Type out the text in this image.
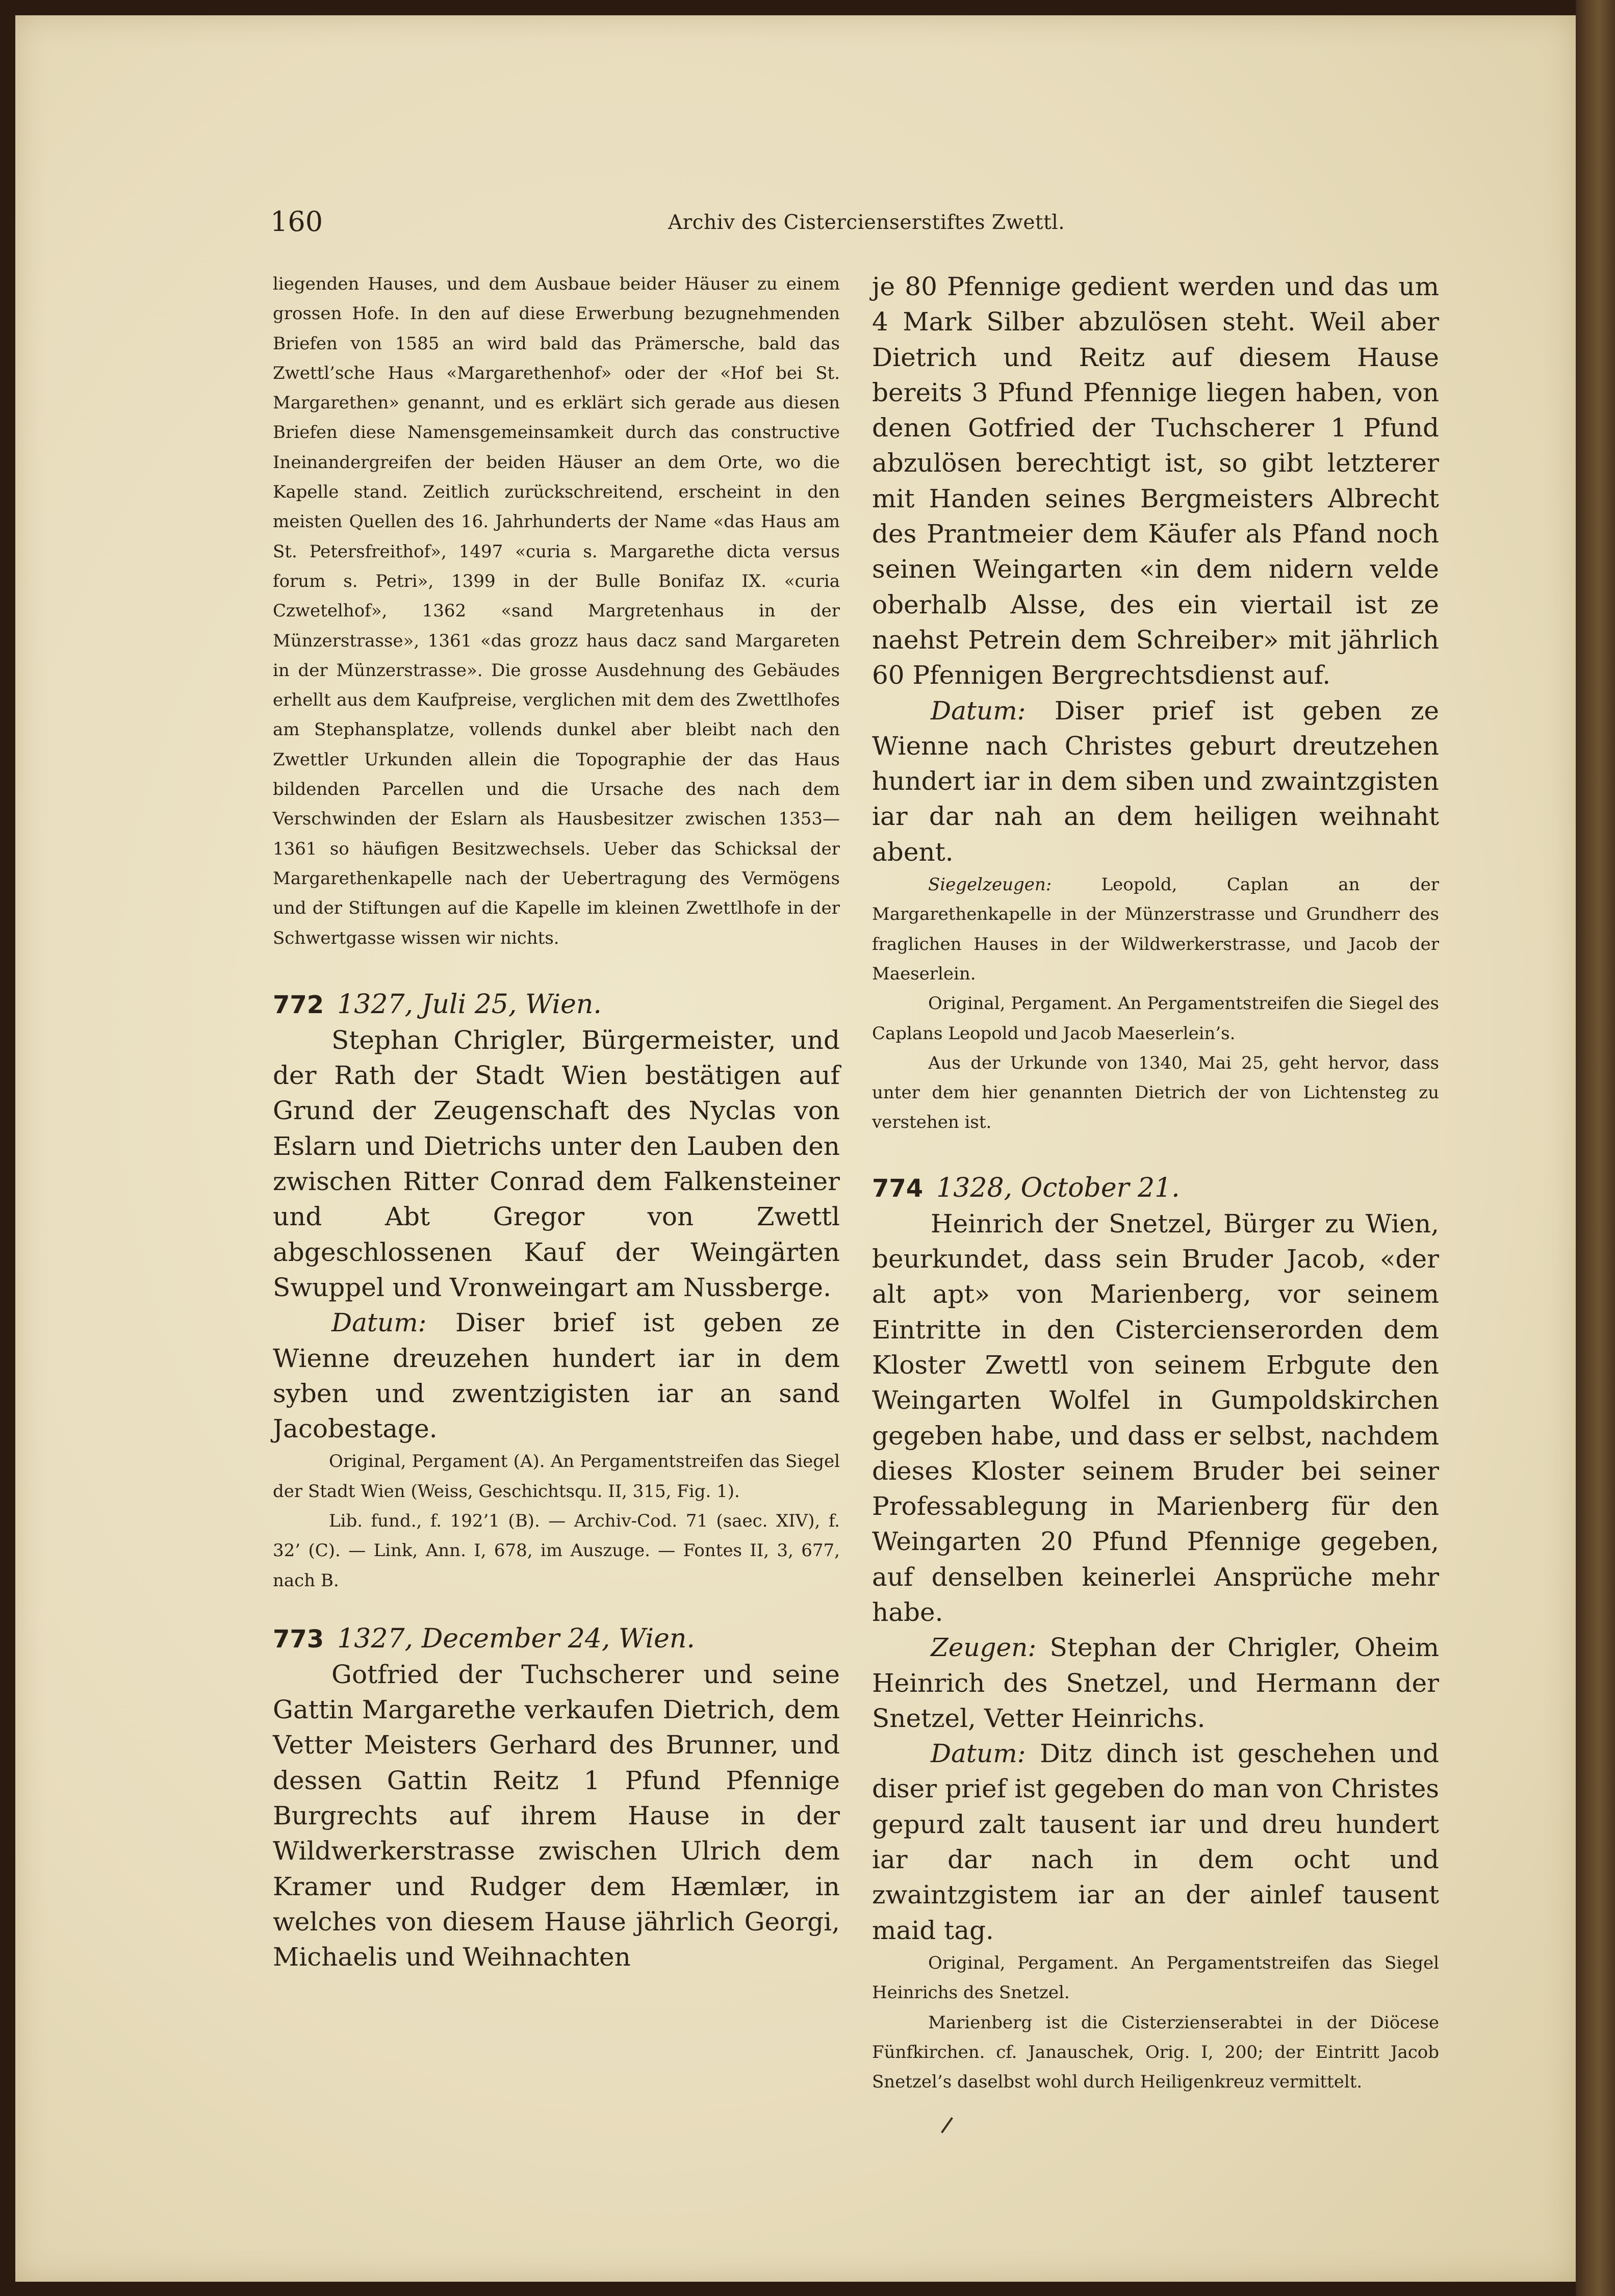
160	Archiv des Cistercienserstiftes Zwettl.

liegenden Hauses, und dem Ausbaue beider Häuser zu einem grossen Hofe. In den auf diese Erwerbung bezugnehmenden Briefen von 1585 an wird bald das Prämersche, bald das Zwettl’sche Haus «Margarethenhof» oder der «Hof bei St. Margarethen» genannt, und es erklärt sich gerade aus diesen Briefen diese Namensgemeinsamkeit durch das constructive Ineinandergreifen der beiden Häuser an dem Orte, wo die Kapelle stand. Zeitlich zurückschreitend, erscheint in den meisten Quellen des 16. Jahrhunderts der Name «das Haus am St. Petersfreithof», 1497 «curia s. Margarethe dicta versus forum s. Petri», 1399 in der Bulle Bonifaz IX. «curia Czwetelhof», 1362 «sand Margretenhaus in der Münzerstrasse», 1361 «das grozz haus dacz sand Margareten in der Münzerstrasse». Die grosse Ausdehnung des Gebäudes erhellt aus dem Kaufpreise, verglichen mit dem des Zwettlhofes am Stephansplatze, vollends dunkel aber bleibt nach den Zwettler Urkunden allein die Topographie der das Haus bildenden Parcellen und die Ursache des nach dem Verschwinden der Eslarn als Hausbesitzer zwischen 1353—1361 so häufigen Besitzwechsels. Ueber das Schicksal der Margarethenkapelle nach der Uebertragung des Vermögens und der Stiftungen auf die Kapelle im kleinen Zwettlhofe in der Schwertgasse wissen wir nichts.

772 1327, Juli 25, Wien.

Stephan Chrigler, Bürgermeister, und der Rath der Stadt Wien bestätigen auf Grund der Zeugenschaft des Nyclas von Eslarn und Dietrichs unter den Lauben den zwischen Ritter Conrad dem Falkensteiner und Abt Gregor von Zwettl abgeschlossenen Kauf der Weingärten Swuppel und Vronweingart am Nussberge.

Datum: Diser brief ist geben ze Wienne dreuzehen hundert iar in dem syben und zwentzigisten iar an sand Jacobestage.

Original, Pergament (A). An Pergamentstreifen das Siegel der Stadt Wien (Weiss, Geschichtsqu. II, 315, Fig. 1).

Lib. fund., f. 192’1 (B). — Archiv-Cod. 71 (saec. XIV), f. 32’ (C). — Link, Ann. I, 678, im Auszuge. — Fontes II, 3, 677, nach B.

773 1327, December 24, Wien.

Gotfried der Tuchscherer und seine Gattin Margarethe verkaufen Dietrich, dem Vetter Meisters Gerhard des Brunner, und dessen Gattin Reitz 1 Pfund Pfennige Burgrechts auf ihrem Hause in der Wildwerkerstrasse zwischen Ulrich dem Kramer und Rudger dem Hæmlær, in welches von diesem Hause jährlich Georgi, Michaelis und Weihnachten

je 80 Pfennige gedient werden und das um 4 Mark Silber abzulösen steht. Weil aber Dietrich und Reitz auf diesem Hause bereits 3 Pfund Pfennige liegen haben, von denen Gotfried der Tuchscherer 1 Pfund abzulösen berechtigt ist, so gibt letzterer mit Handen seines Bergmeisters Albrecht des Prantmeier dem Käufer als Pfand noch seinen Weingarten «in dem nidern velde oberhalb Alsse, des ein viertail ist ze naehst Petrein dem Schreiber» mit jährlich 60 Pfennigen Bergrechtsdienst auf.

Datum: Diser prief ist geben ze Wienne nach Christes geburt dreutzehen hundert iar in dem siben und zwaintzgisten iar dar nah an dem heiligen weihnaht abent.

Siegelzeugen: Leopold, Caplan an der Margarethenkapelle in der Münzerstrasse und Grundherr des fraglichen Hauses in der Wildwerkerstrasse, und Jacob der Maeserlein.

Original, Pergament. An Pergamentstreifen die Siegel des Caplans Leopold und Jacob Maeserlein’s.

Aus der Urkunde von 1340, Mai 25, geht hervor, dass unter dem hier genannten Dietrich der von Lichtensteg zu verstehen ist.

774 1328, October 21.

Heinrich der Snetzel, Bürger zu Wien, beurkundet, dass sein Bruder Jacob, «der alt apt» von Marienberg, vor seinem Eintritte in den Cistercienserorden dem Kloster Zwettl von seinem Erbgute den Weingarten Wolfel in Gumpoldskirchen gegeben habe, und dass er selbst, nachdem dieses Kloster seinem Bruder bei seiner Professablegung in Marienberg für den Weingarten 20 Pfund Pfennige gegeben, auf denselben keinerlei Ansprüche mehr habe.

Zeugen: Stephan der Chrigler, Oheim Heinrich des Snetzel, und Hermann der Snetzel, Vetter Heinrichs.

Datum: Ditz dinch ist geschehen und diser prief ist gegeben do man von Christes gepurd zalt tausent iar und dreu hundert iar dar nach in dem ocht und zwaintzgistem iar an der ainlef tausent maid tag.

Original, Pergament. An Pergamentstreifen das Siegel Heinrichs des Snetzel.

Marienberg ist die Cisterzienserabtei in der Diöcese Fünfkirchen. cf. Janauschek, Orig. I, 200; der Eintritt Jacob Snetzel’s daselbst wohl durch Heiligenkreuz vermittelt.
